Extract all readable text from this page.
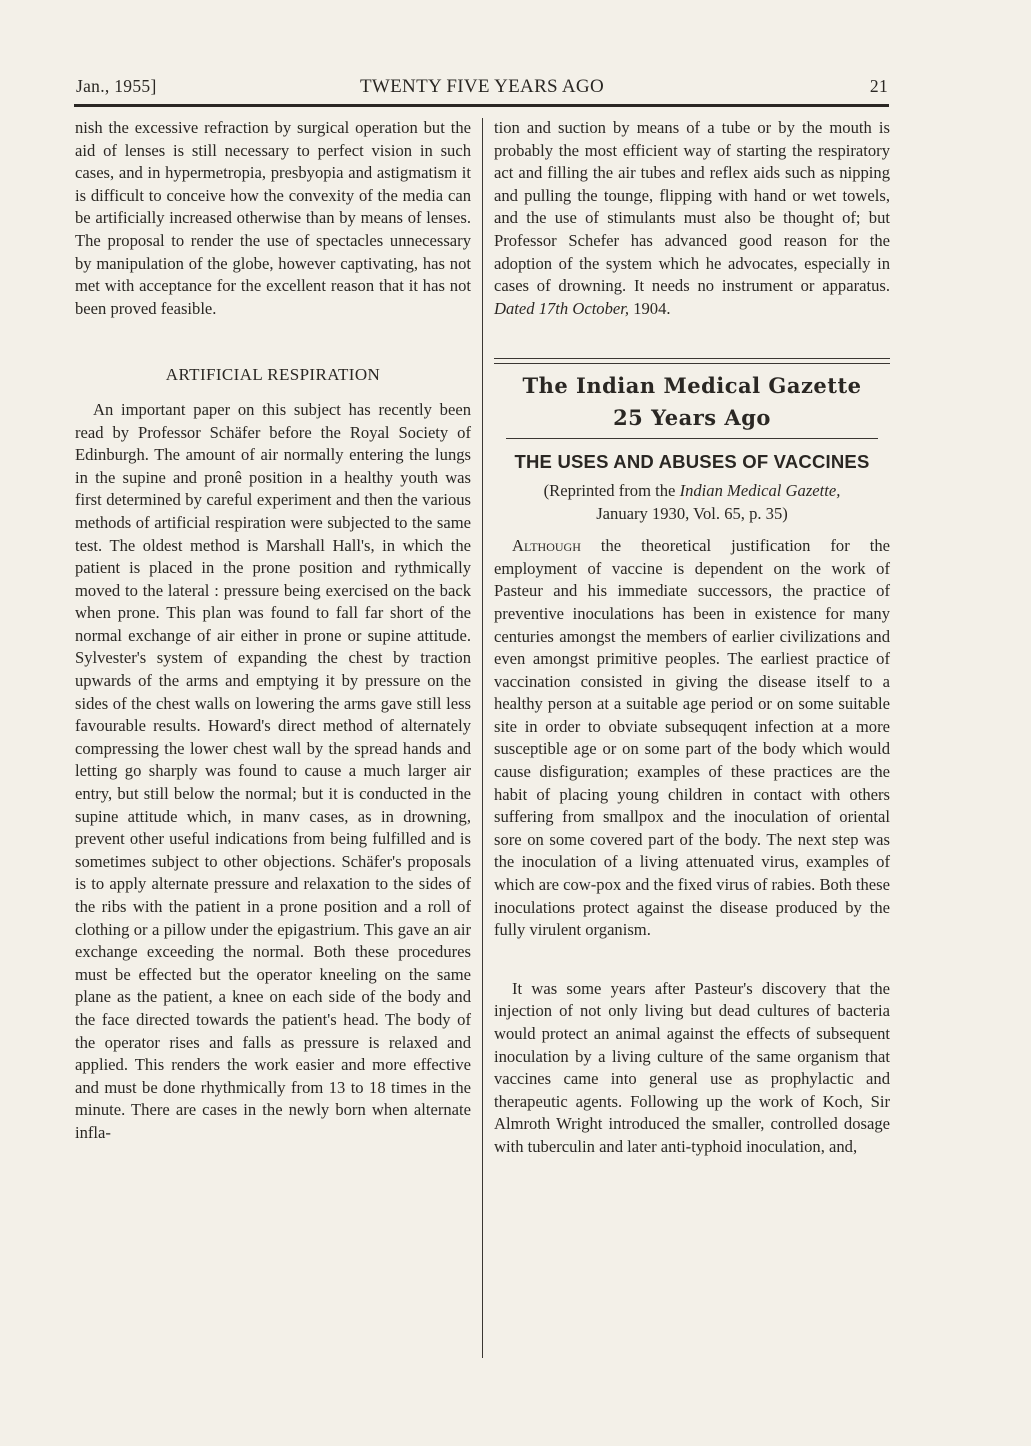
Jan., 1955]	TWENTY FIVE YEARS AGO	21

nish the excessive refraction by surgical operation but the aid of lenses is still necessary to perfect vision in such cases, and in hypermetropia, presbyopia and astigmatism it is difficult to conceive how the convexity of the media can be artificially increased otherwise than by means of lenses. The proposal to render the use of spectacles unnecessary by manipulation of the globe, however captivating, has not met with acceptance for the excellent reason that it has not been proved feasible.

ARTIFICIAL RESPIRATION

An important paper on this subject has recently been read by Professor Schäfer before the Royal Society of Edinburgh. The amount of air normally entering the lungs in the supine and pronê position in a healthy youth was first determined by careful experiment and then the various methods of artificial respiration were subjected to the same test. The oldest method is Marshall Hall's, in which the patient is placed in the prone position and rythmically moved to the lateral : pressure being exercised on the back when prone. This plan was found to fall far short of the normal exchange of air either in prone or supine attitude. Sylvester's system of expanding the chest by traction upwards of the arms and emptying it by pressure on the sides of the chest walls on lowering the arms gave still less favourable results. Howard's direct method of alternately compressing the lower chest wall by the spread hands and letting go sharply was found to cause a much larger air entry, but still below the normal; but it is conducted in the supine attitude which, in manv cases, as in drowning, prevent other useful indications from being fulfilled and is sometimes subject to other objections. Schäfer's proposals is to apply alternate pressure and relaxation to the sides of the ribs with the patient in a prone position and a roll of clothing or a pillow under the epigastrium. This gave an air exchange exceeding the normal. Both these procedures must be effected but the operator kneeling on the same plane as the patient, a knee on each side of the body and the face directed towards the patient's head. The body of the operator rises and falls as pressure is relaxed and applied. This renders the work easier and more effective and must be done rhythmically from 13 to 18 times in the minute. There are cases in the newly born when alternate infla-

tion and suction by means of a tube or by the mouth is probably the most efficient way of starting the respiratory act and filling the air tubes and reflex aids such as nipping and pulling the tounge, flipping with hand or wet towels, and the use of stimulants must also be thought of; but Professor Schefer has advanced good reason for the adoption of the system which he advocates, especially in cases of drowning. It needs no instrument or apparatus. Dated 17th October, 1904.

The Indian Medical Gazette
25 Years Ago

THE USES AND ABUSES OF VACCINES

(Reprinted from the Indian Medical Gazette,
January 1930, Vol. 65, p. 35)

Although the theoretical justification for the employment of vaccine is dependent on the work of Pasteur and his immediate successors, the practice of preventive inoculations has been in existence for many centuries amongst the members of earlier civilizations and even amongst primitive peoples. The earliest practice of vaccination consisted in giving the disease itself to a healthy person at a suitable age period or on some suitable site in order to obviate subsequqent infection at a more susceptible age or on some part of the body which would cause disfiguration; examples of these practices are the habit of placing young children in contact with others suffering from smallpox and the inoculation of oriental sore on some covered part of the body. The next step was the inoculation of a living attenuated virus, examples of which are cow-pox and the fixed virus of rabies. Both these inoculations protect against the disease produced by the fully virulent organism.

It was some years after Pasteur's discovery that the injection of not only living but dead cultures of bacteria would protect an animal against the effects of subsequent inoculation by a living culture of the same organism that vaccines came into general use as prophylactic and therapeutic agents. Following up the work of Koch, Sir Almroth Wright introduced the smaller, controlled dosage with tuberculin and later anti-typhoid inoculation, and,
